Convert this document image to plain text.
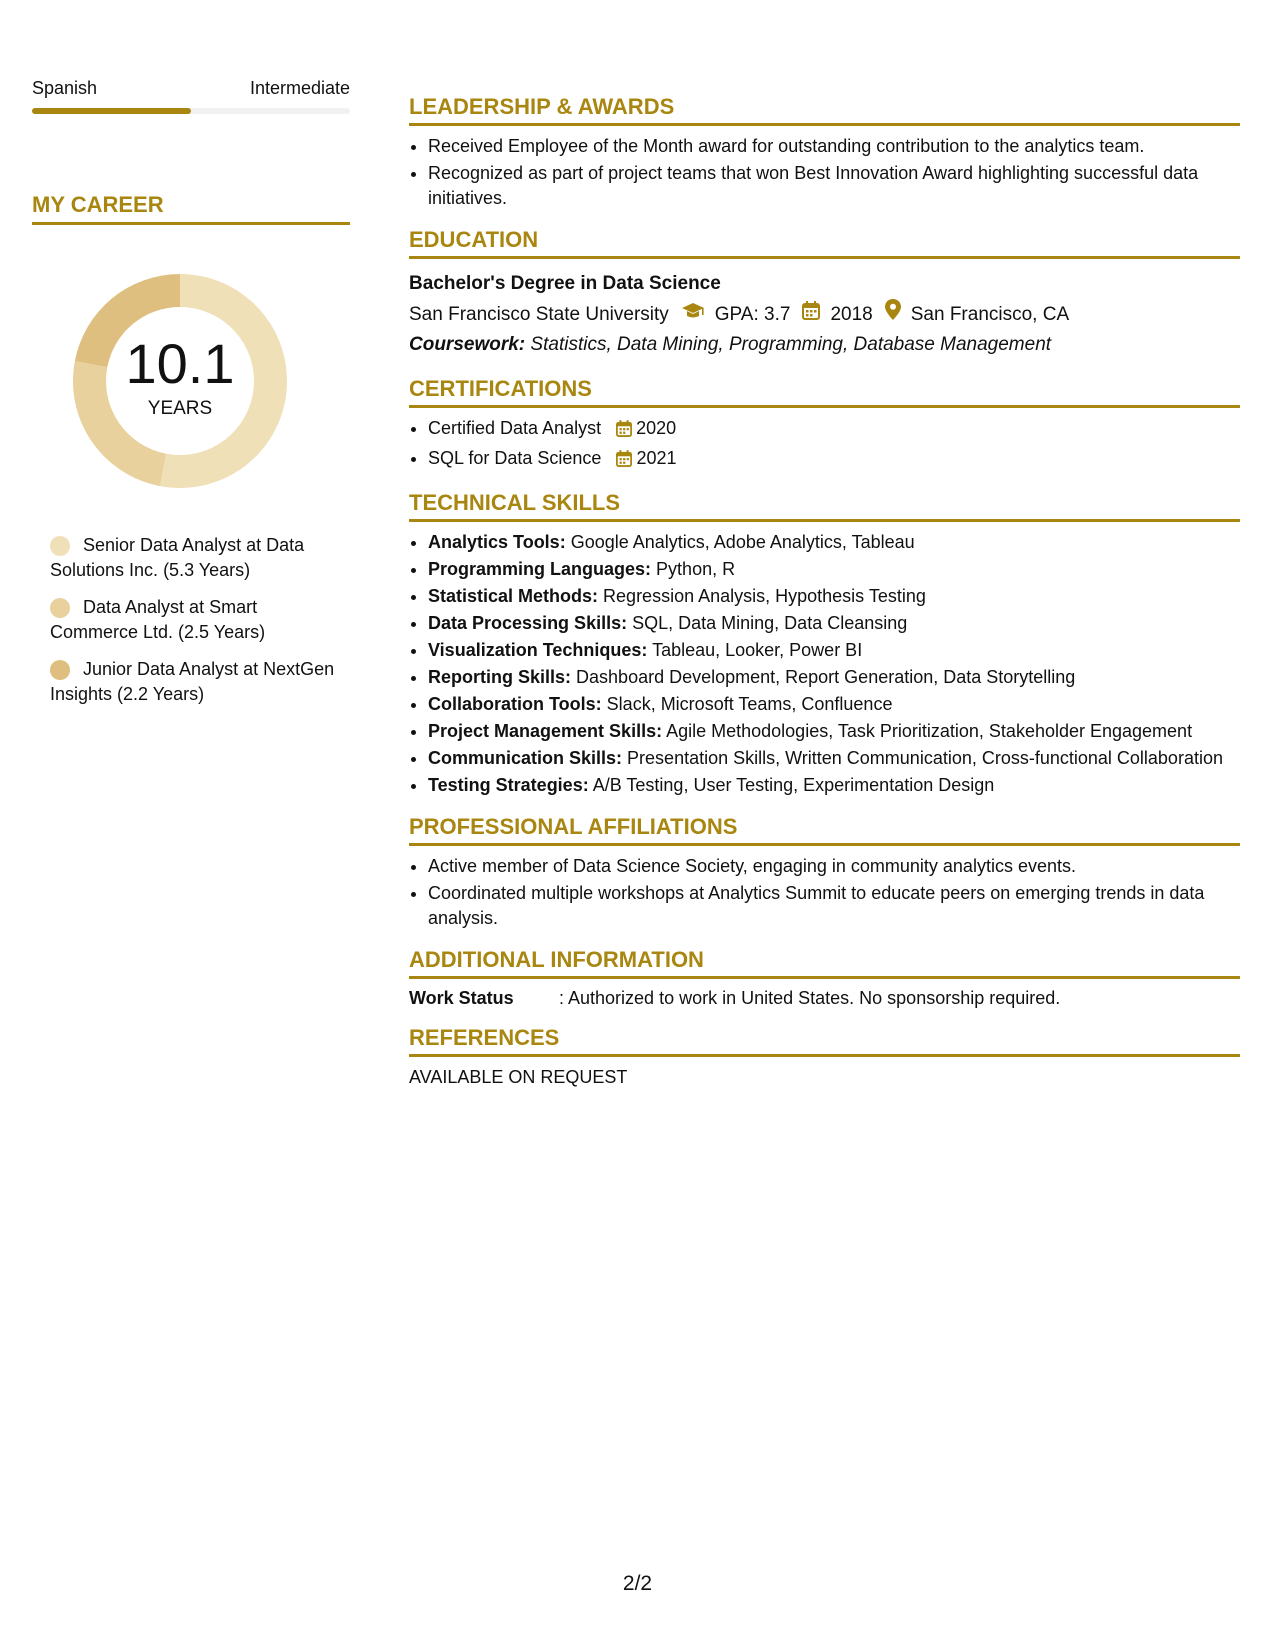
Spanish	Intermediate
MY CAREER
10.1
YEARS
Senior Data Analyst at Data Solutions Inc. (5.3 Years)
Data Analyst at Smart Commerce Ltd. (2.5 Years)
Junior Data Analyst at NextGen Insights (2.2 Years)
LEADERSHIP & AWARDS
• Received Employee of the Month award for outstanding contribution to the analytics team.
• Recognized as part of project teams that won Best Innovation Award highlighting successful data initiatives.
EDUCATION
Bachelor's Degree in Data Science
San Francisco State University GPA: 3.7 2018 San Francisco, CA
Coursework: Statistics, Data Mining, Programming, Database Management
CERTIFICATIONS
• Certified Data Analyst 2020
• SQL for Data Science 2021
TECHNICAL SKILLS
• Analytics Tools: Google Analytics, Adobe Analytics, Tableau
• Programming Languages: Python, R
• Statistical Methods: Regression Analysis, Hypothesis Testing
• Data Processing Skills: SQL, Data Mining, Data Cleansing
• Visualization Techniques: Tableau, Looker, Power BI
• Reporting Skills: Dashboard Development, Report Generation, Data Storytelling
• Collaboration Tools: Slack, Microsoft Teams, Confluence
• Project Management Skills: Agile Methodologies, Task Prioritization, Stakeholder Engagement
• Communication Skills: Presentation Skills, Written Communication, Cross-functional Collaboration
• Testing Strategies: A/B Testing, User Testing, Experimentation Design
PROFESSIONAL AFFILIATIONS
• Active member of Data Science Society, engaging in community analytics events.
• Coordinated multiple workshops at Analytics Summit to educate peers on emerging trends in data analysis.
ADDITIONAL INFORMATION
Work Status	: Authorized to work in United States. No sponsorship required.
REFERENCES
AVAILABLE ON REQUEST
2/2
